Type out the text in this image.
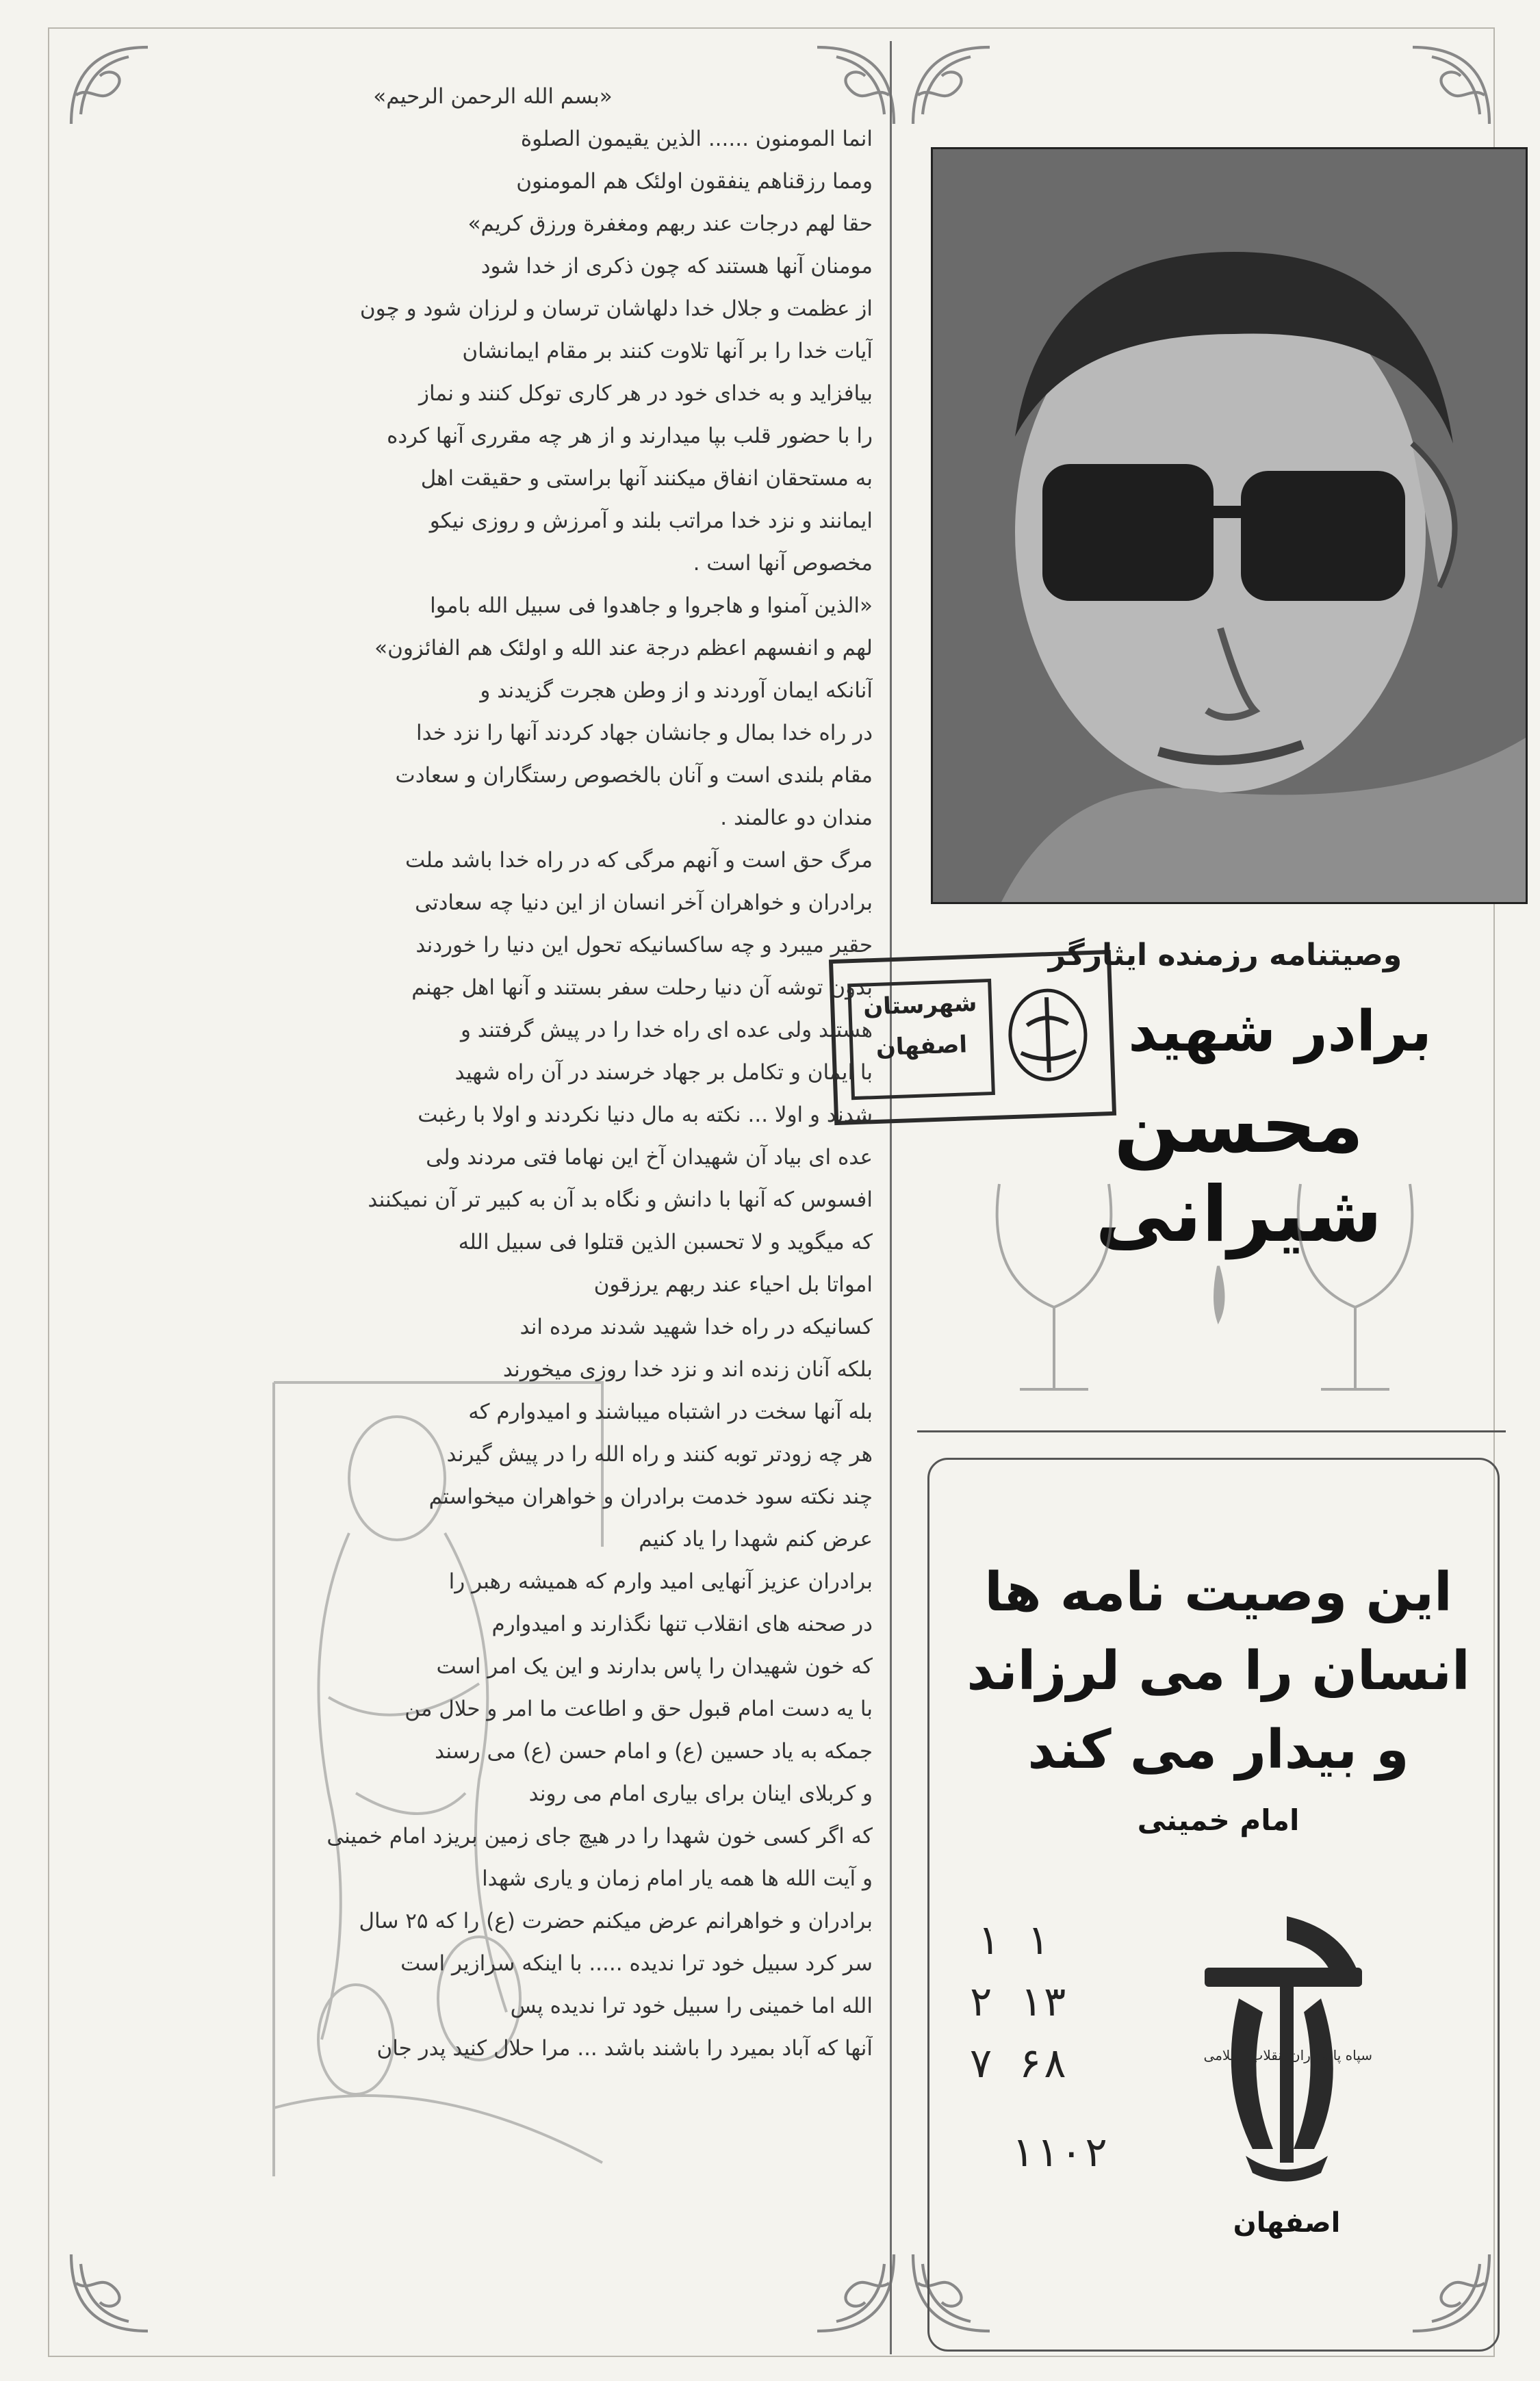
«بسم الله الرحمن الرحیم»
انما المومنون ...... الذین یقیمون الصلوة
ومما رزقناهم ینفقون اولئک هم المومنون
حقا لهم درجات عند ربهم ومغفرة ورزق کریم»
مومنان آنها هستند که چون ذکری از خدا شود
از عظمت و جلال خدا دلهاشان ترسان و لرزان شود و چون
آیات خدا را بر آنها تلاوت کنند بر مقام ایمانشان
بیافزاید و به خدای خود در هر کاری توکل کنند و نماز
را با حضور قلب بپا میدارند و از هر چه مقرری آنها کرده
به مستحقان انفاق میکنند آنها براستی و حقیقت اهل
ایمانند و نزد خدا مراتب بلند و آمرزش و روزی نیکو
مخصوص آنها است .
«الذین آمنوا و هاجروا و جاهدوا فی سبیل الله باموا
لهم و انفسهم اعظم درجة عند الله و اولئک هم الفائزون»
آنانکه ایمان آوردند و از وطن هجرت گزیدند و
در راه خدا بمال و جانشان جهاد کردند آنها را نزد خدا
مقام بلندی است و آنان بالخصوص رستگاران و سعادت
مندان دو عالمند .
مرگ حق است و آنهم مرگی که در راه خدا باشد ملت
برادران و خواهران آخر انسان از این دنیا چه سعادتی
حقیر میبرد و چه ساکسانیکه تحول این دنیا را خوردند
بدون توشه آن دنیا رحلت سفر بستند و آنها اهل جهنم
هستند ولی عده ای راه خدا را در پیش گرفتند و
با ایمان و تکامل بر جهاد خرسند در آن راه شهید
شدند و اولا ... نکته به مال دنیا نکردند و اولا با رغبت
عده ای بیاد آن شهیدان آخ این نهاما فتی مردند ولی
افسوس که آنها با دانش و نگاه بد آن به کبیر تر آن نمیکنند
که میگوید و لا تحسبن الذین قتلوا فی سبیل الله
امواتا بل احیاء عند ربهم یرزقون
کسانیکه در راه خدا شهید شدند مرده اند
بلکه آنان زنده اند و نزد خدا روزی میخورند
بله آنها سخت در اشتباه میباشند و امیدوارم که
هر چه زودتر توبه کنند و راه الله را در پیش گیرند
چند نکته سود خدمت برادران و خواهران میخواستم
عرض کنم شهدا را یاد کنیم
برادران عزیز آنهایی امید وارم که همیشه رهبر را
در صحنه های انقلاب تنها نگذارند و امیدوارم
که خون شهیدان را پاس بدارند و این یک امر است
با یه دست امام قبول حق و اطاعت ما امر و حلال من
جمکه به یاد حسین (ع) و امام حسن (ع) می رسند
و کربلای اینان برای بیاری امام می روند
که اگر کسی خون شهدا را در هیچ جای زمین بریزد امام خمینی
و آیت الله ها همه یار امام زمان و یاری شهدا
برادران و خواهرانم عرض میکنم حضرت (ع) را که ۲۵ سال
سر کرد سبیل خود ترا ندیده ..... با اینکه سرازیر است
الله اما خمینی را سبیل خود ترا ندیده پس
آنها که آباد بمیرد را باشند باشد ... مرا حلال کنید پدر جان
شهرستان
اصفهان
وصیتنامه رزمنده ایثارگر
برادر شهید
محسن شیرانی
این وصیت نامه ها
انسان را می لرزاند
و بیدار می کند
امام خمینی
۱ ۱
۲ ۱۳
۷ ۶۸
۱۱۰۲
سپاه پاسداران انقلاب اسلامی
اصفهان
